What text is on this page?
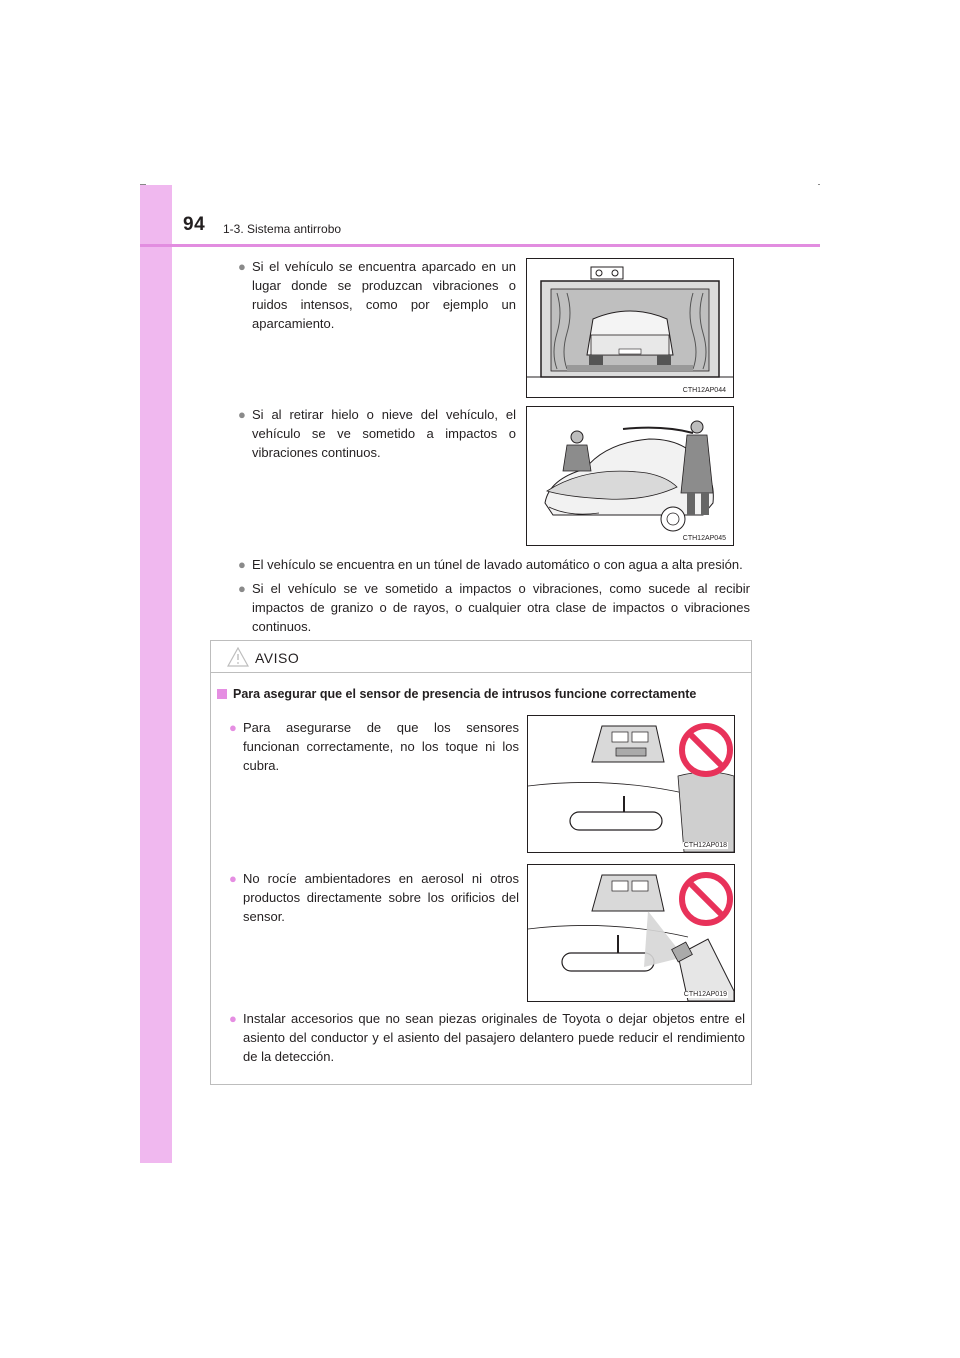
94 1-3. Sistema antirrobo
● Si el vehículo se encuentra aparcado en un lugar donde se produzcan vibraciones o ruidos intensos, como por ejemplo un aparcamiento.
CTH12AP044
● Si al retirar hielo o nieve del vehículo, el vehículo se ve sometido a impactos o vibraciones continuos.
CTH12AP045
● El vehículo se encuentra en un túnel de lavado automático o con agua a alta presión.
● Si el vehículo se ve sometido a impactos o vibraciones, como sucede al recibir impactos de granizo o de rayos, o cualquier otra clase de impactos o vibraciones continuos.
AVISO
Para asegurar que el sensor de presencia de intrusos funcione correctamente
● Para asegurarse de que los sensores funcionan correctamente, no los toque ni los cubra.
CTH12AP018
● No rocíe ambientadores en aerosol ni otros productos directamente sobre los orificios del sensor.
CTH12AP019
● Instalar accesorios que no sean piezas originales de Toyota o dejar objetos entre el asiento del conductor y el asiento del pasajero delantero puede reducir el rendimiento de la detección.
